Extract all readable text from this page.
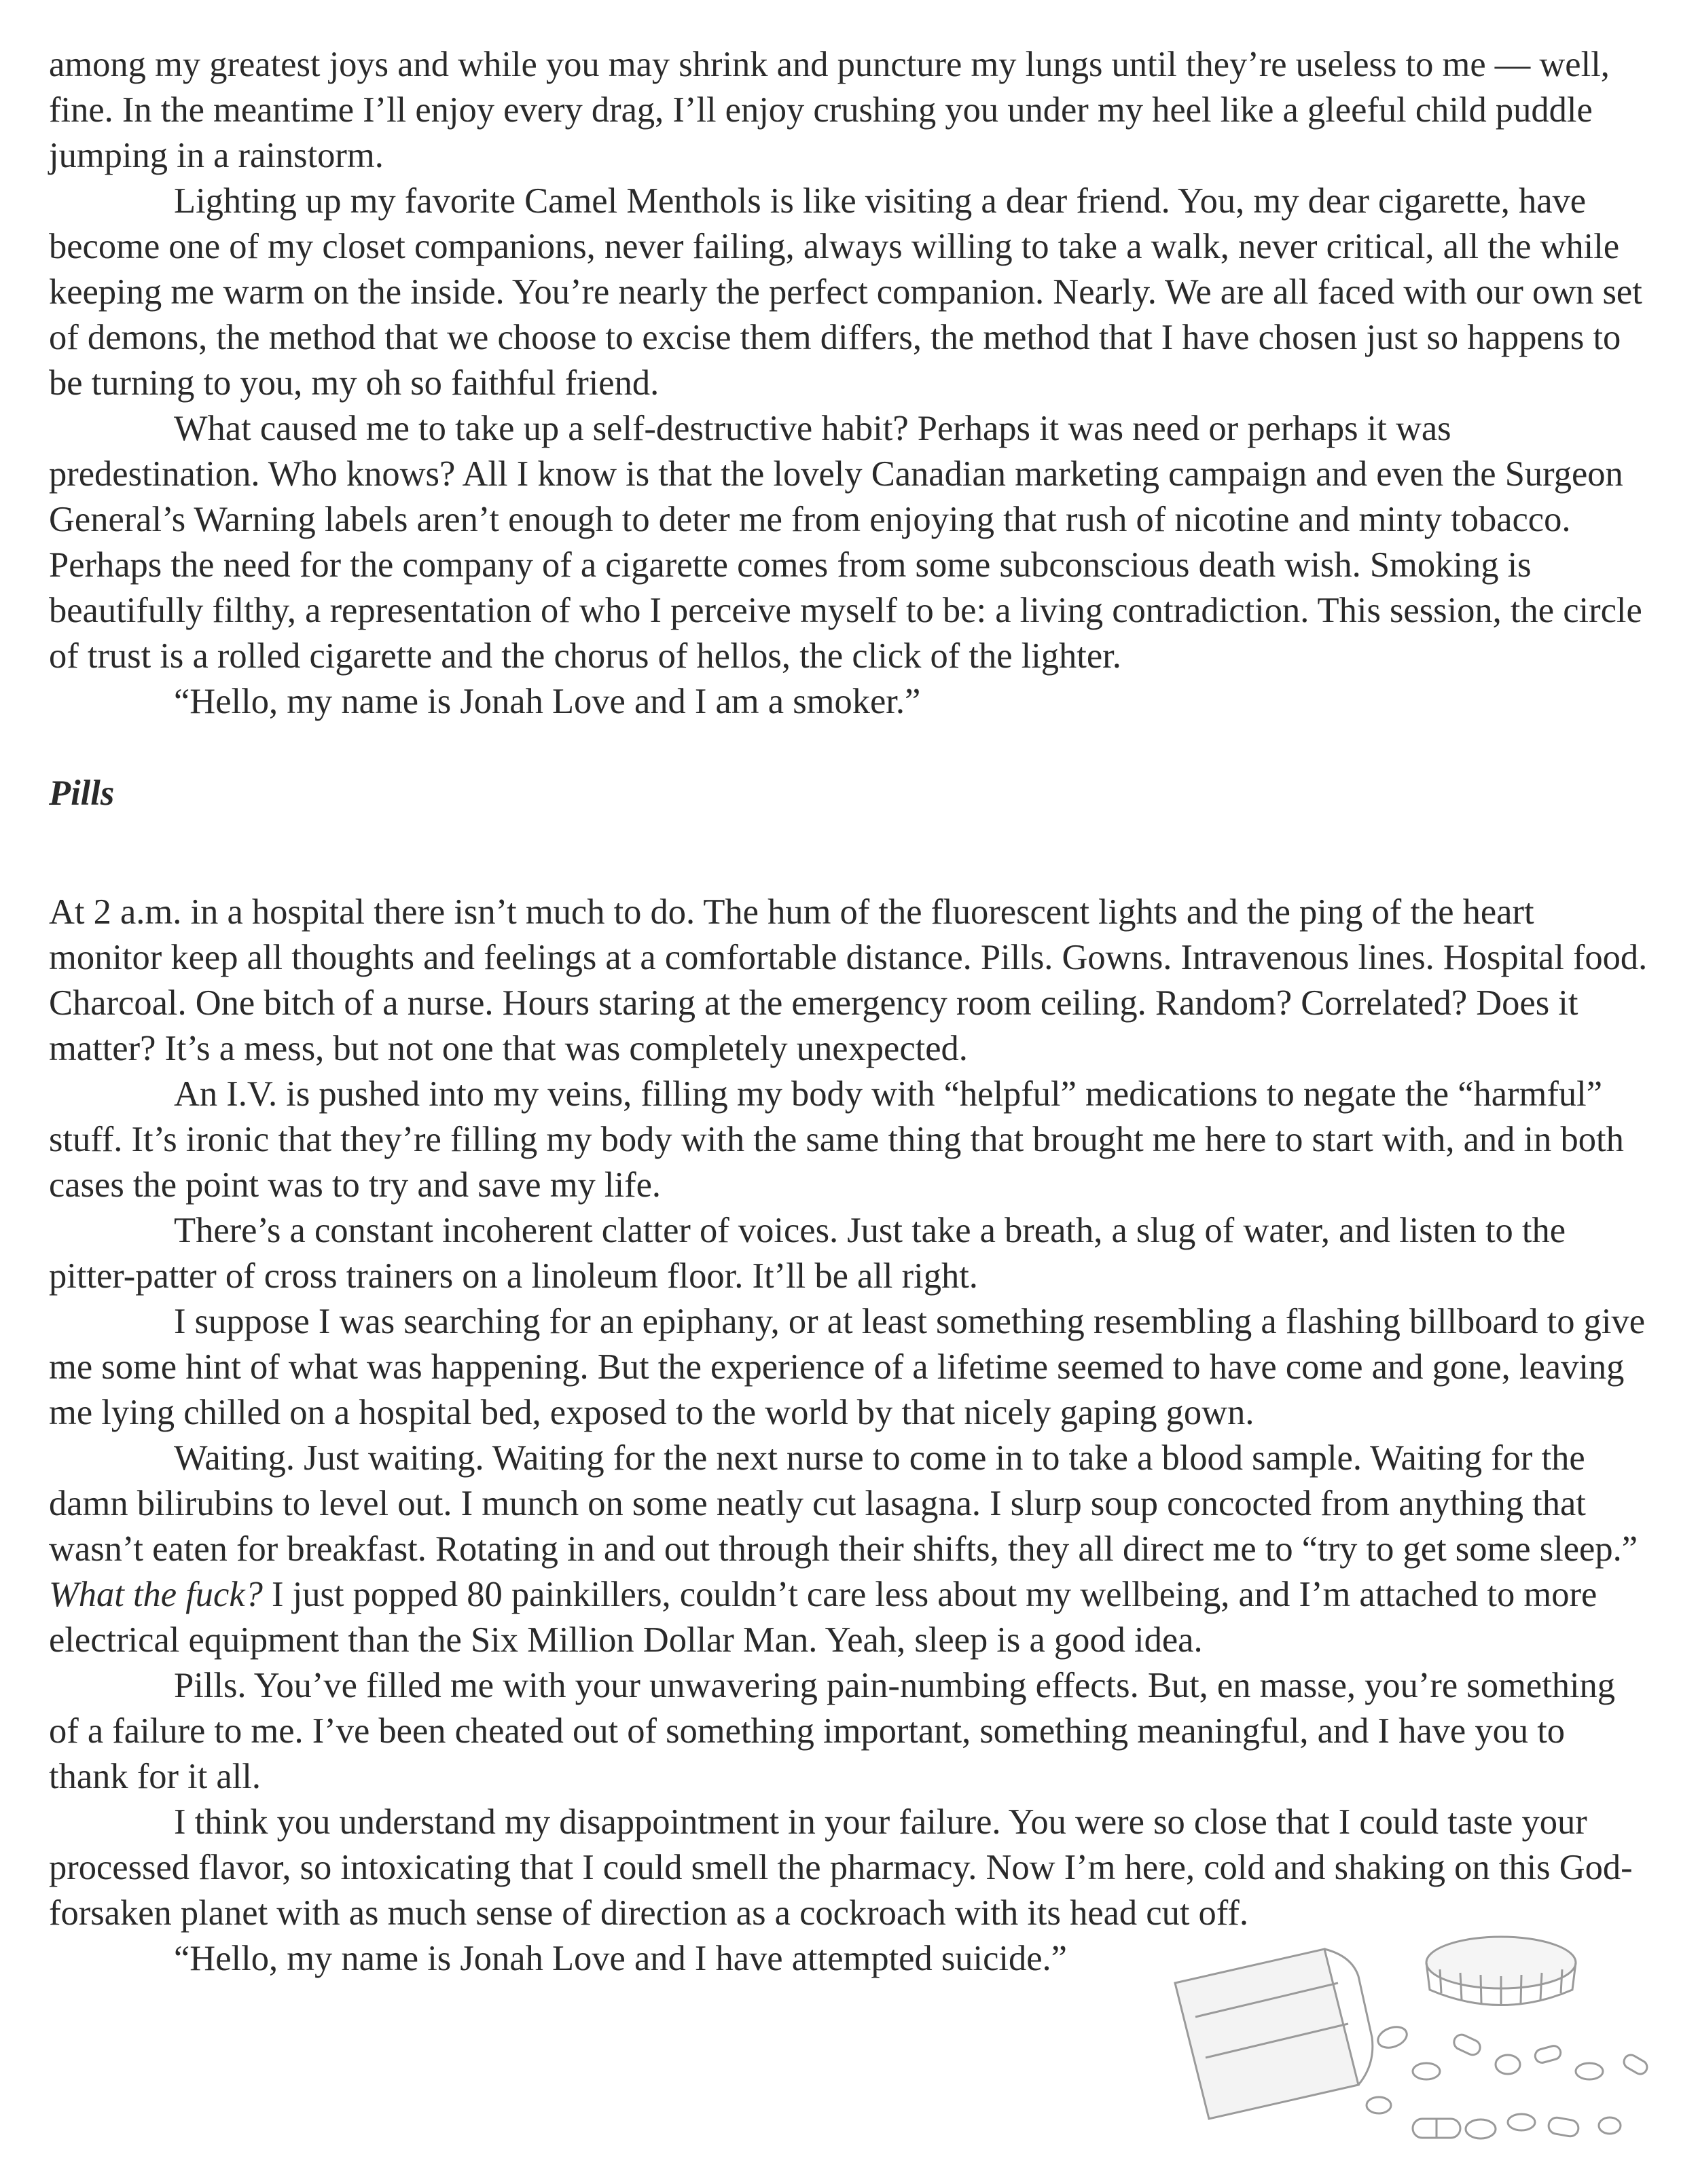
among my greatest joys and while you may shrink and puncture my lungs until they’re useless to me — well, fine. In the meantime I’ll enjoy every drag, I’ll enjoy crushing you under my heel like a gleeful child puddle jumping in a rainstorm.

Lighting up my favorite Camel Menthols is like visiting a dear friend. You, my dear cigarette, have become one of my closet companions, never failing, always willing to take a walk, never critical, all the while keeping me warm on the inside. You’re nearly the perfect companion. Nearly. We are all faced with our own set of demons, the method that we choose to excise them differs, the method that I have chosen just so happens to be turning to you, my oh so faithful friend.

What caused me to take up a self-destructive habit? Perhaps it was need or perhaps it was predestination. Who knows? All I know is that the lovely Canadian marketing campaign and even the Surgeon General’s Warning labels aren’t enough to deter me from enjoying that rush of nicotine and minty tobacco. Perhaps the need for the company of a cigarette comes from some subconscious death wish. Smoking is beautifully filthy, a representation of who I perceive myself to be: a living contradiction. This session, the circle of trust is a rolled cigarette and the chorus of hellos, the click of the lighter.

“Hello, my name is Jonah Love and I am a smoker.”

Pills

At 2 a.m. in a hospital there isn’t much to do. The hum of the fluorescent lights and the ping of the heart monitor keep all thoughts and feelings at a comfortable distance. Pills. Gowns. Intravenous lines. Hospital food. Charcoal. One bitch of a nurse. Hours staring at the emergency room ceiling. Random? Correlated? Does it matter? It’s a mess, but not one that was completely unexpected.

An I.V. is pushed into my veins, filling my body with “helpful” medications to negate the “harmful” stuff. It’s ironic that they’re filling my body with the same thing that brought me here to start with, and in both cases the point was to try and save my life.

There’s a constant incoherent clatter of voices. Just take a breath, a slug of water, and listen to the pitter-patter of cross trainers on a linoleum floor. It’ll be all right.

I suppose I was searching for an epiphany, or at least something resembling a flashing billboard to give me some hint of what was happening. But the experience of a lifetime seemed to have come and gone, leaving me lying chilled on a hospital bed, exposed to the world by that nicely gaping gown.

Waiting. Just waiting. Waiting for the next nurse to come in to take a blood sample. Waiting for the damn bilirubins to level out. I munch on some neatly cut lasagna. I slurp soup concocted from anything that wasn’t eaten for breakfast. Rotating in and out through their shifts, they all direct me to “try to get some sleep.” What the fuck? I just popped 80 painkillers, couldn’t care less about my wellbeing, and I’m attached to more electrical equipment than the Six Million Dollar Man. Yeah, sleep is a good idea.

Pills. You’ve filled me with your unwavering pain-numbing effects. But, en masse, you’re something of a failure to me. I’ve been cheated out of something important, something meaningful, and I have you to thank for it all.

I think you understand my disappointment in your failure. You were so close that I could taste your processed flavor, so intoxicating that I could smell the pharmacy. Now I’m here, cold and shaking on this God-forsaken planet with as much sense of direction as a cockroach with its head cut off.

“Hello, my name is Jonah Love and I have attempted suicide.”
